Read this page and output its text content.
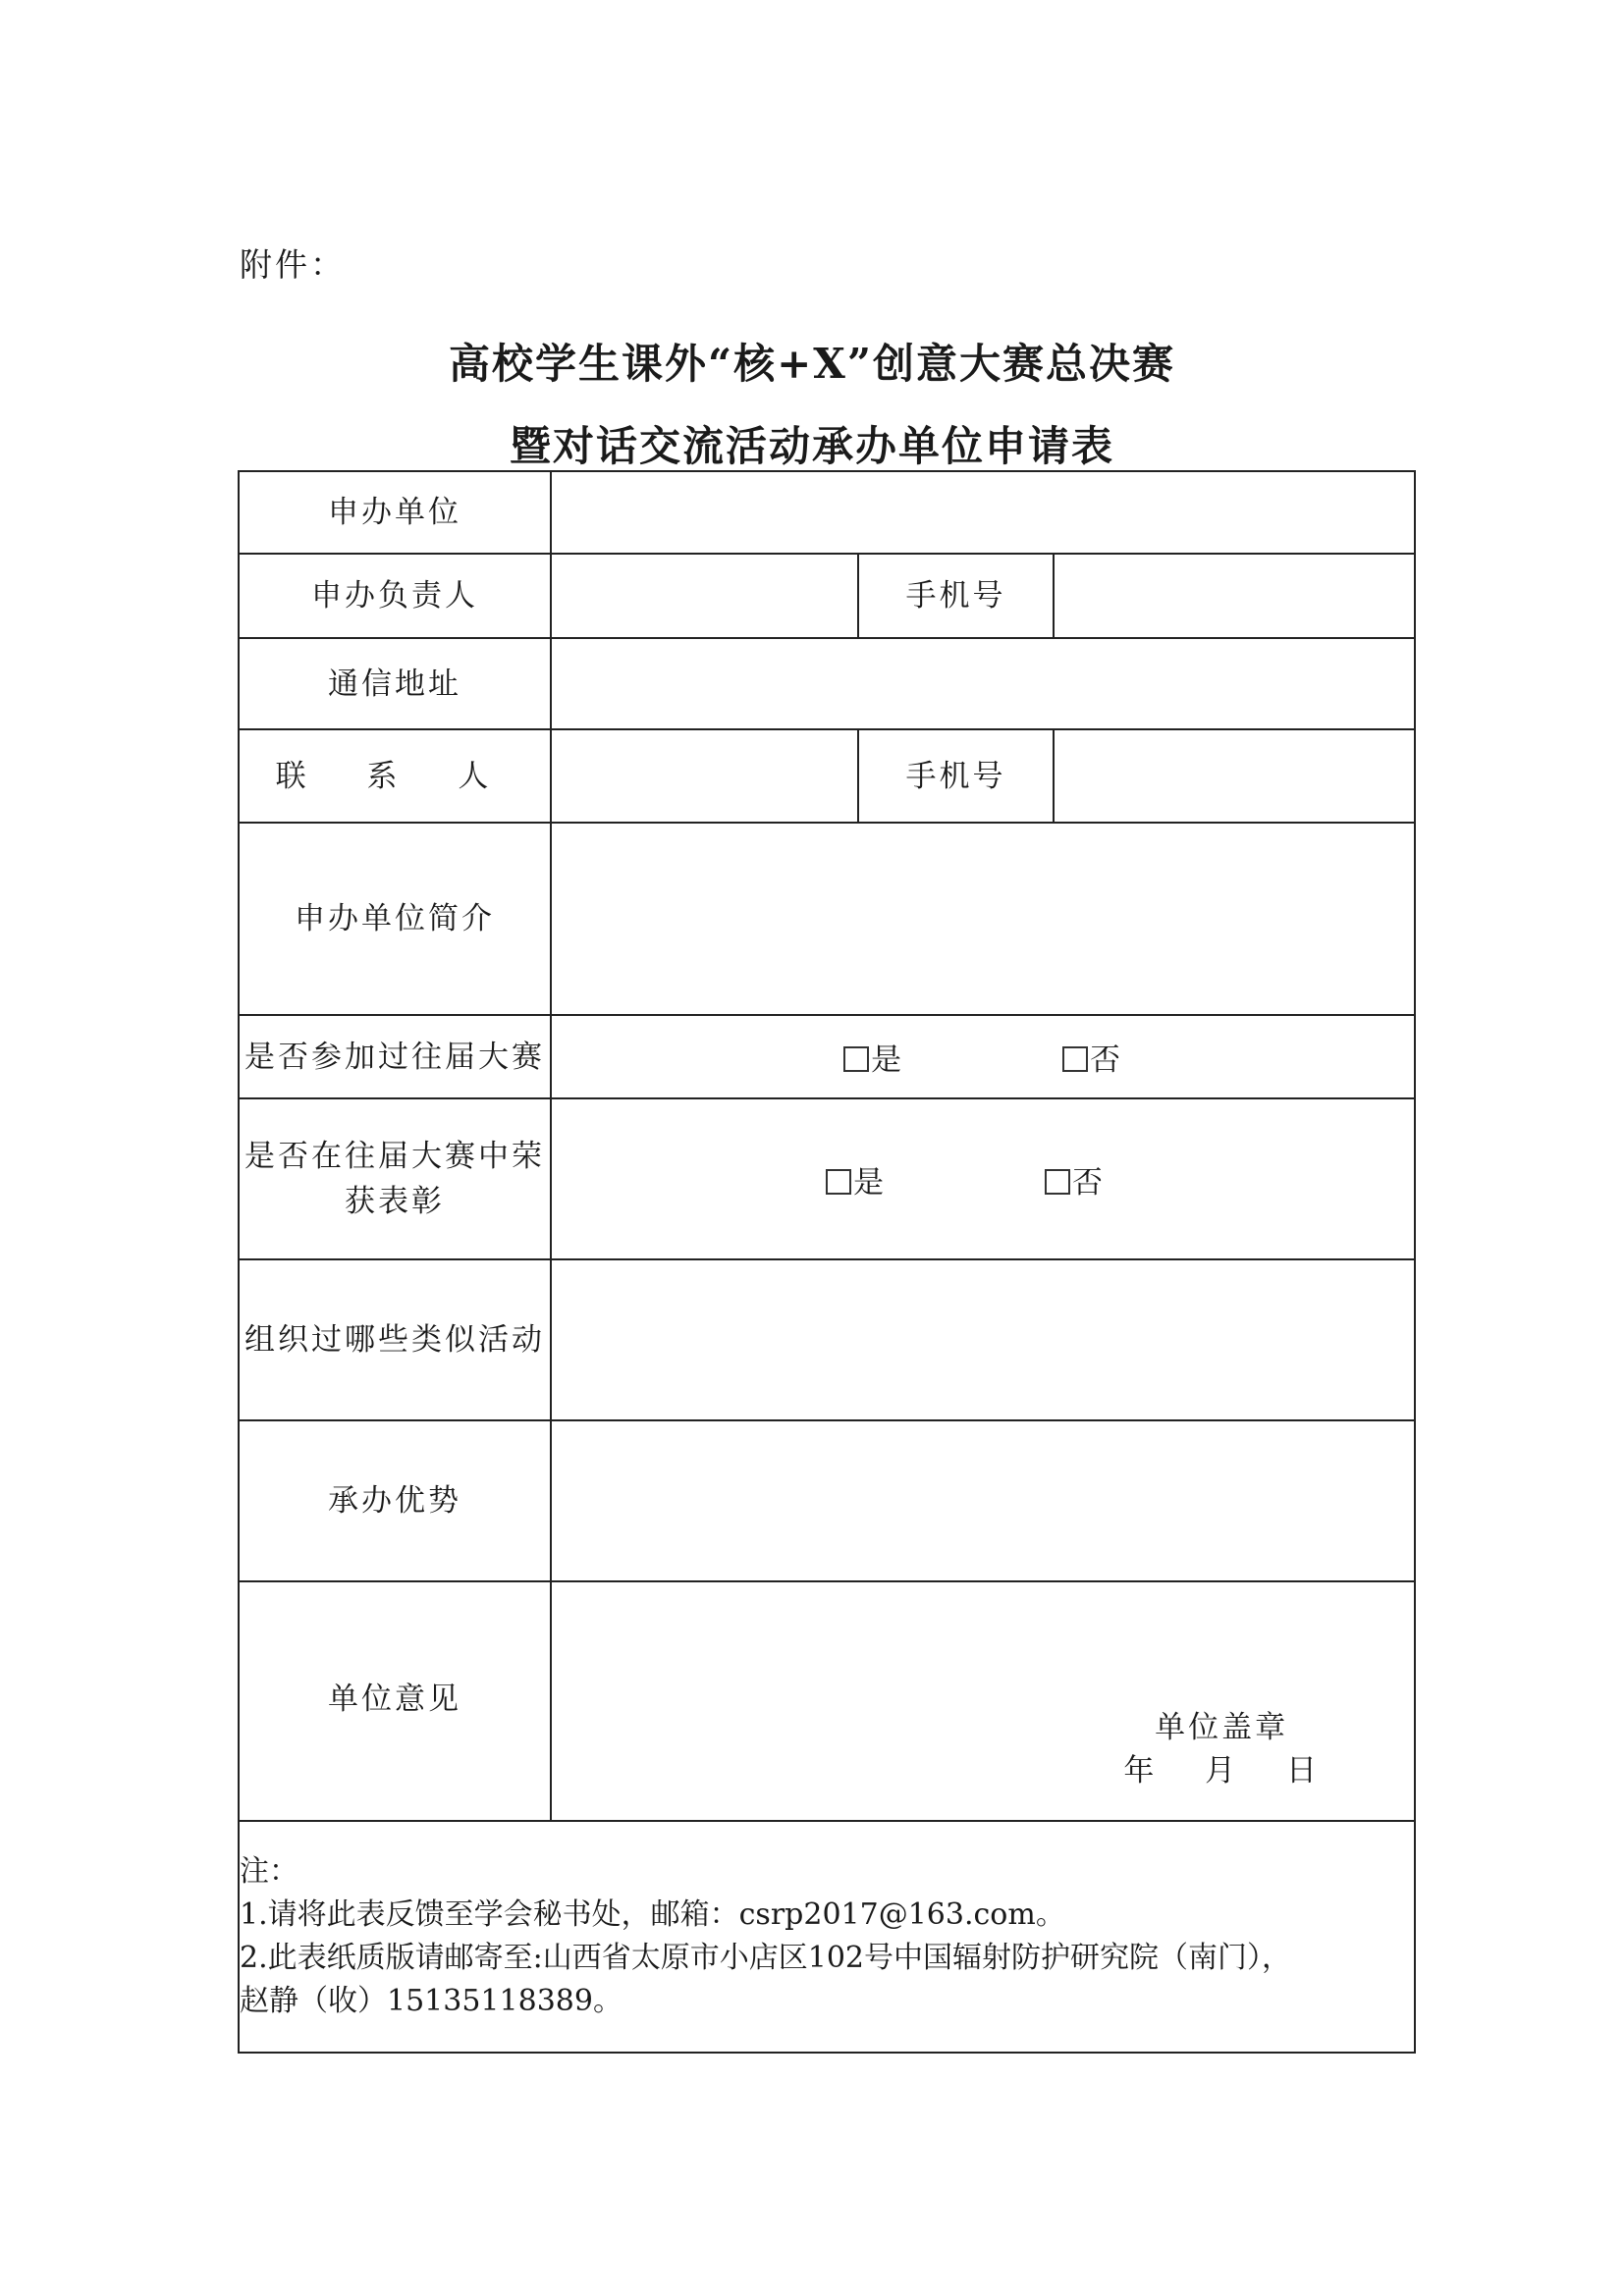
附件：
高校学生课外“核+X”创意大赛总决赛
暨对话交流活动承办单位申请表
申办单位			
申办负责人		手机号	
通信地址			
联 系 人		手机号	
申办单位简介			
是否参加过往届大赛	是 否		

是否在往届大赛中荣
获表彰	是 否		
组织过哪些类似活动			
承办优势			
单位意见	单位盖章
年 月 日		

注：
1.请将此表反馈至学会秘书处，邮箱：csrp2017@163.com。
2.此表纸质版请邮寄至:山西省太原市小店区102号中国辐射防护研究院（南门），
赵静（收）15135118389。			
